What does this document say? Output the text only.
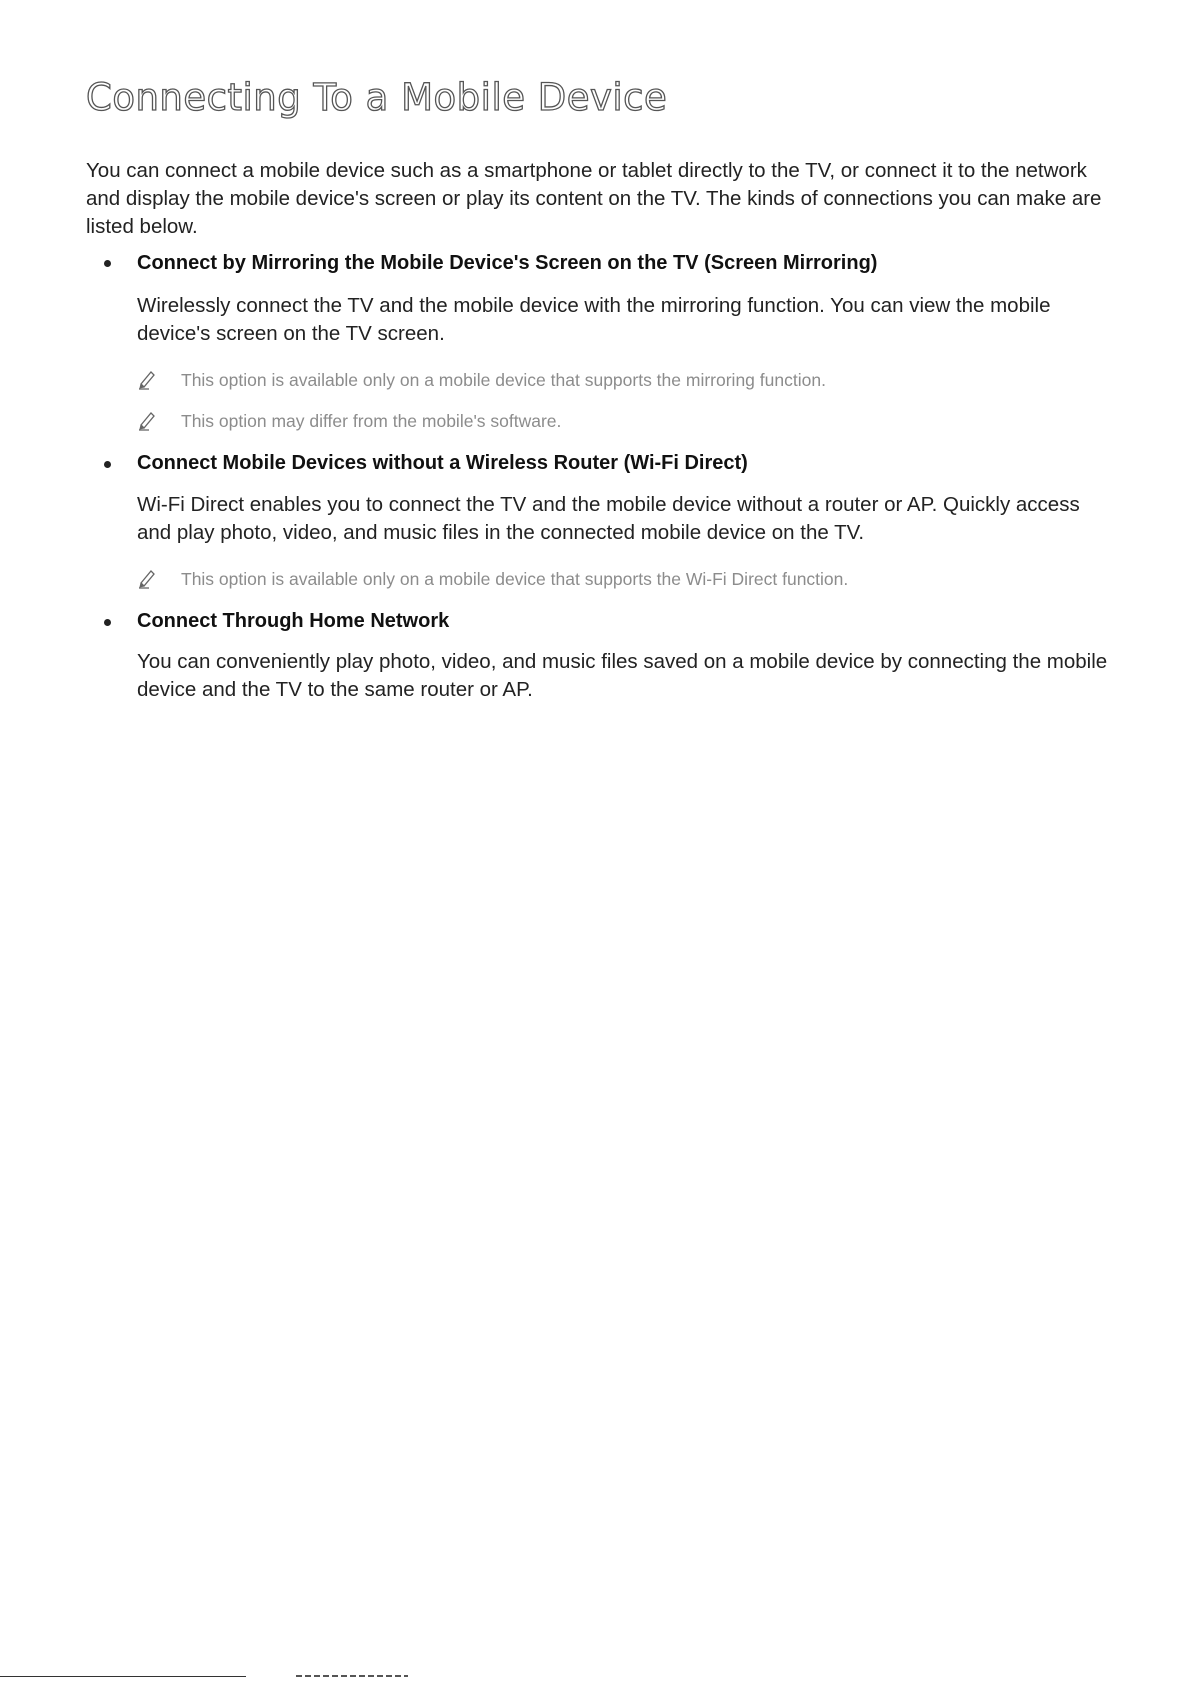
Connecting To a Mobile Device

You can connect a mobile device such as a smartphone or tablet directly to the TV, or connect it to the network and display the mobile device's screen or play its content on the TV. The kinds of connections you can make are listed below.

Connect by Mirroring the Mobile Device's Screen on the TV (Screen Mirroring)

Wirelessly connect the TV and the mobile device with the mirroring function. You can view the mobile device's screen on the TV screen.

This option is available only on a mobile device that supports the mirroring function.
This option may differ from the mobile's software.

Connect Mobile Devices without a Wireless Router (Wi-Fi Direct)

Wi-Fi Direct enables you to connect the TV and the mobile device without a router or AP. Quickly access and play photo, video, and music files in the connected mobile device on the TV.

This option is available only on a mobile device that supports the Wi-Fi Direct function.

Connect Through Home Network

You can conveniently play photo, video, and music files saved on a mobile device by connecting the mobile device and the TV to the same router or AP.
